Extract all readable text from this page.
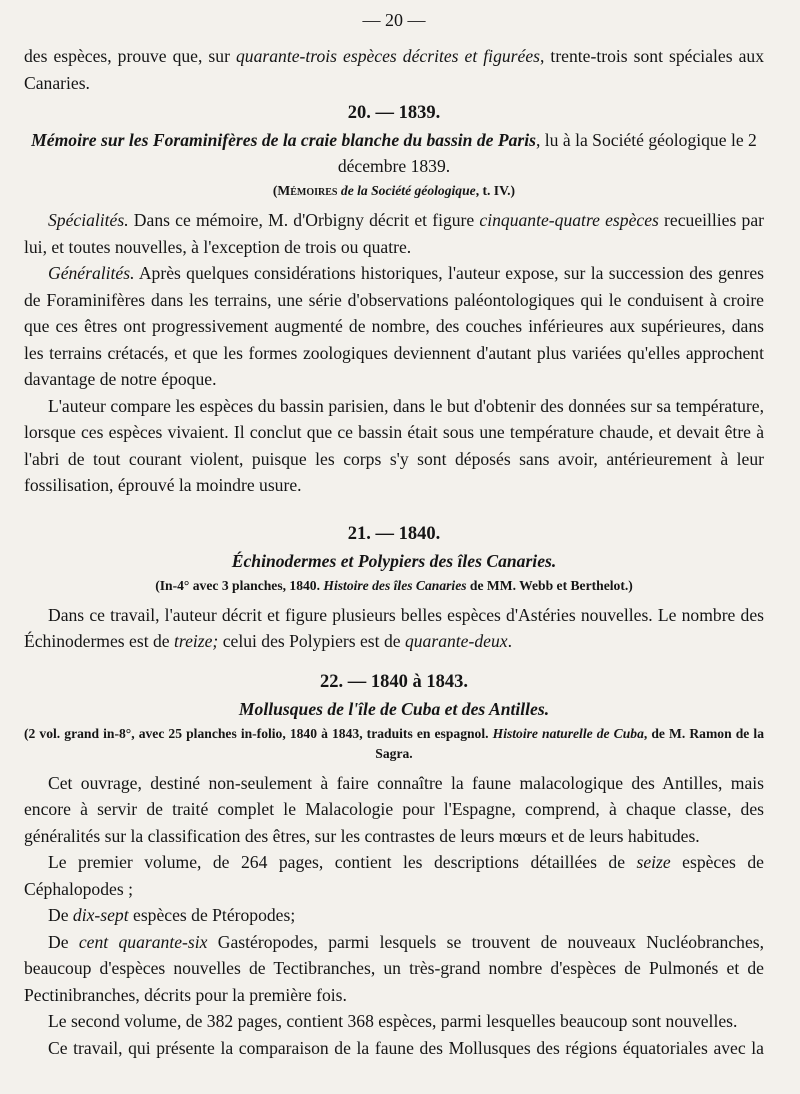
— 20 —

des espèces, prouve que, sur quarante-trois espèces décrites et figurées, trente-trois sont spéciales aux Canaries.

20. — 1839.
Mémoire sur les Foraminifères de la craie blanche du bassin de Paris, lu à la Société géologique le 2 décembre 1839.
(Mémoires de la Société géologique, t. IV.)

Spécialités. Dans ce mémoire, M. d'Orbigny décrit et figure cinquante-quatre espèces recueillies par lui, et toutes nouvelles, à l'exception de trois ou quatre.

Généralités. Après quelques considérations historiques, l'auteur expose, sur la succession des genres de Foraminifères dans les terrains, une série d'observations paléontologiques qui le conduisent à croire que ces êtres ont progressivement augmenté de nombre, des couches inférieures aux supérieures, dans les terrains crétacés, et que les formes zoologiques deviennent d'autant plus variées qu'elles approchent davantage de notre époque.

L'auteur compare les espèces du bassin parisien, dans le but d'obtenir des données sur sa température, lorsque ces espèces vivaient. Il conclut que ce bassin était sous une température chaude, et devait être à l'abri de tout courant violent, puisque les corps s'y sont déposés sans avoir, antérieurement à leur fossilisation, éprouvé la moindre usure.

21. — 1840.
Échinodermes et Polypiers des îles Canaries.
(In-4° avec 3 planches, 1840. Histoire des îles Canaries de MM. Webb et Berthelot.)

Dans ce travail, l'auteur décrit et figure plusieurs belles espèces d'Astéries nouvelles. Le nombre des Échinodermes est de treize; celui des Polypiers est de quarante-deux.

22. — 1840 à 1843.
Mollusques de l'île de Cuba et des Antilles.
(2 vol. grand in-8°, avec 25 planches in-folio, 1840 à 1843, traduits en espagnol. Histoire naturelle de Cuba, de M. Ramon de la Sagra.

Cet ouvrage, destiné non-seulement à faire connaître la faune malacologique des Antilles, mais encore à servir de traité complet le Malacologie pour l'Espagne, comprend, à chaque classe, des généralités sur la classification des êtres, sur les contrastes de leurs mœurs et de leurs habitudes.

Le premier volume, de 264 pages, contient les descriptions détaillées de seize espèces de Céphalopodes ;

De dix-sept espèces de Ptéropodes;

De cent quarante-six Gastéropodes, parmi lesquels se trouvent de nouveaux Nucléobranches, beaucoup d'espèces nouvelles de Tectibranches, un très-grand nombre d'espèces de Pulmonés et de Pectinibranches, décrits pour la première fois.

Le second volume, de 382 pages, contient 368 espèces, parmi lesquelles beaucoup sont nouvelles.

Ce travail, qui présente la comparaison de la faune des Mollusques des régions équatoriales avec la
